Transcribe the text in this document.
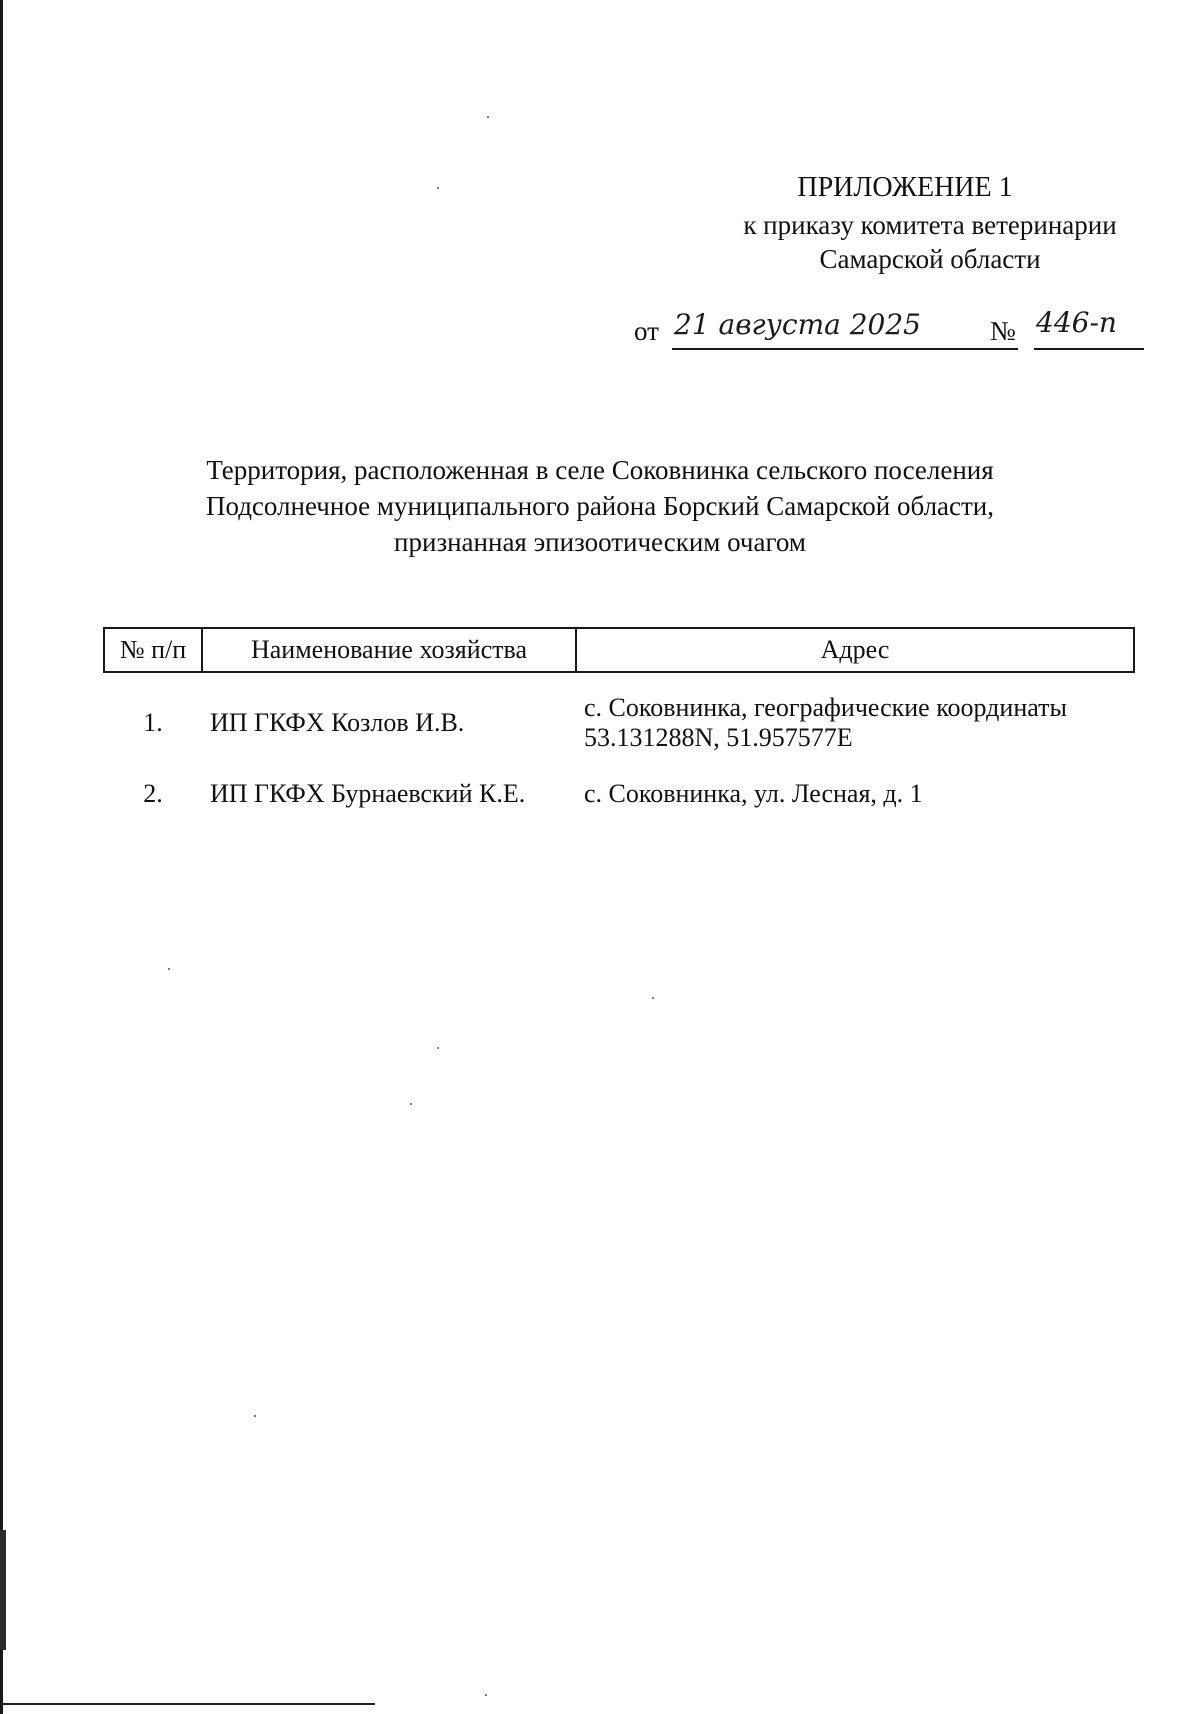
ПРИЛОЖЕНИЕ 1
к приказу комитета ветеринарии
Самарской области
от 21 августа 2025	№ 446-п
Территория, расположенная в селе Соковнинка сельского поселения
Подсолнечное муниципального района Борский Самарской области,
признанная эпизоотическим очагом
№ п/п	Наименование хозяйства	Адрес
1.	ИП ГКФХ Козлов И.В.	с. Соковнинка, географические координаты
53.131288N, 51.957577E

2.	ИП ГКФХ Бурнаевский К.Е.	с. Соковнинка, ул. Лесная, д. 1
